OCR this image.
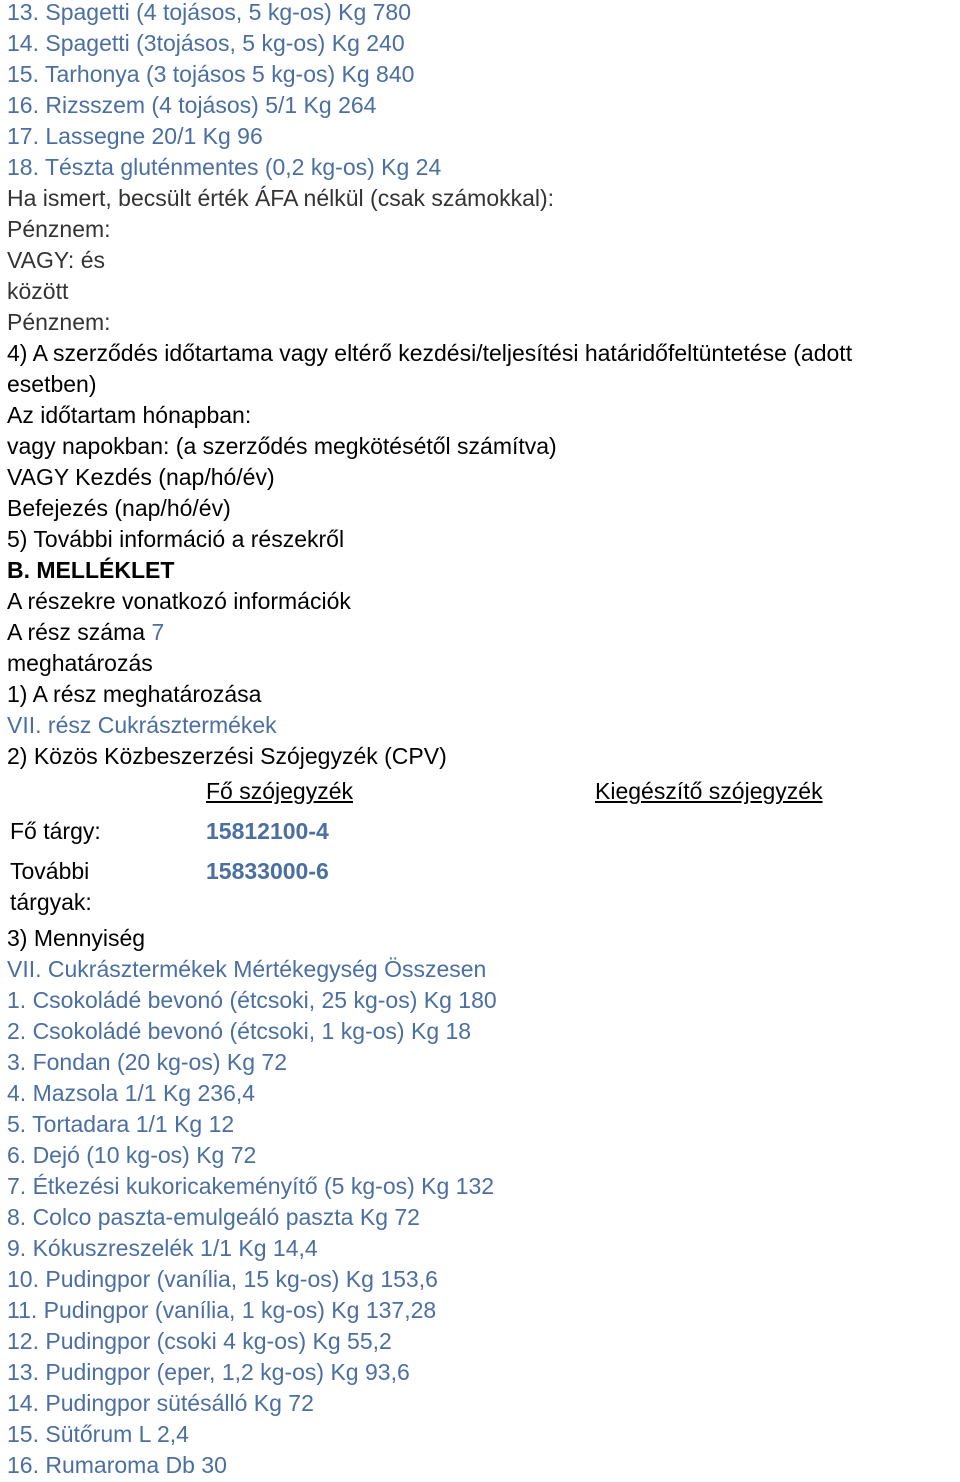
13. Spagetti (4 tojásos, 5 kg-os) Kg 780
14. Spagetti (3tojásos, 5 kg-os) Kg 240
15. Tarhonya (3 tojásos 5 kg-os) Kg 840
16. Rizsszem (4 tojásos) 5/1 Kg 264
17. Lassegne 20/1 Kg 96
18. Tészta gluténmentes (0,2 kg-os) Kg 24
Ha ismert, becsült érték ÁFA nélkül (csak számokkal):
Pénznem:
VAGY: és
között
Pénznem:
4) A szerződés időtartama vagy eltérő kezdési/teljesítési határidőfeltüntetése (adott
esetben)
Az időtartam hónapban:
vagy napokban: (a szerződés megkötésétől számítva)
VAGY Kezdés (nap/hó/év)
Befejezés (nap/hó/év)
5) További információ a részekről
B. MELLÉKLET
A részekre vonatkozó információk
A rész száma 7
meghatározás
1) A rész meghatározása
VII. rész Cukrásztermékek
2) Közös Közbeszerzési Szójegyzék (CPV)
Fő szójegyzék	Kiegészítő szójegyzék
Fő tárgy:	15812100-4
További
tárgyak:
15833000-6
3) Mennyiség
VII. Cukrásztermékek Mértékegység Összesen
1. Csokoládé bevonó (étcsoki, 25 kg-os) Kg 180
2. Csokoládé bevonó (étcsoki, 1 kg-os) Kg 18
3. Fondan (20 kg-os) Kg 72
4. Mazsola 1/1 Kg 236,4
5. Tortadara 1/1 Kg 12
6. Dejó (10 kg-os) Kg 72
7. Étkezési kukoricakeményítő (5 kg-os) Kg 132
8. Colco paszta-emulgeáló paszta Kg 72
9. Kókuszreszelék 1/1 Kg 14,4
10. Pudingpor (vanília, 15 kg-os) Kg 153,6
11. Pudingpor (vanília, 1 kg-os) Kg 137,28
12. Pudingpor (csoki 4 kg-os) Kg 55,2
13. Pudingpor (eper, 1,2 kg-os) Kg 93,6
14. Pudingpor sütésálló Kg 72
15. Sütőrum L 2,4
16. Rumaroma Db 30
